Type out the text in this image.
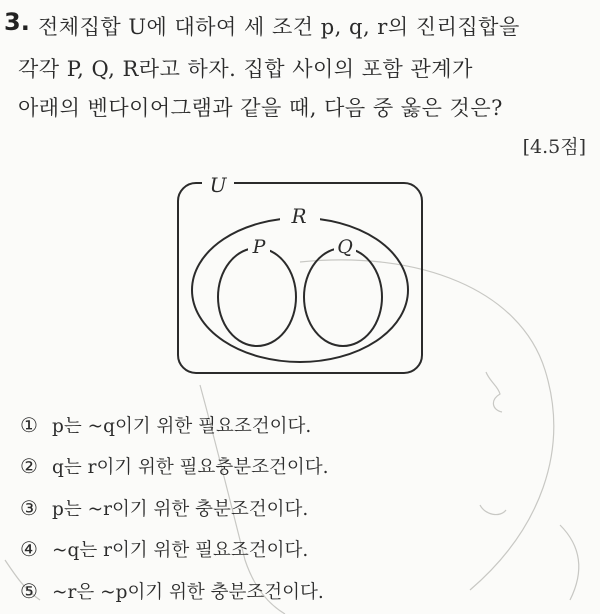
3. 전체집합 U에 대하여 세 조건 p, q, r의 진리집합을
각각 P, Q, R라고 하자. 집합 사이의 포함 관계가
아래의 벤다이어그램과 같을 때, 다음 중 옳은 것은?
[4.5점]
U
R
P	Q
① p는 ~q이기 위한 필요조건이다.
② q는 r이기 위한 필요충분조건이다.
③ p는 ~r이기 위한 충분조건이다.
④ ~q는 r이기 위한 필요조건이다.
⑤ ~r은 ~p이기 위한 충분조건이다.
